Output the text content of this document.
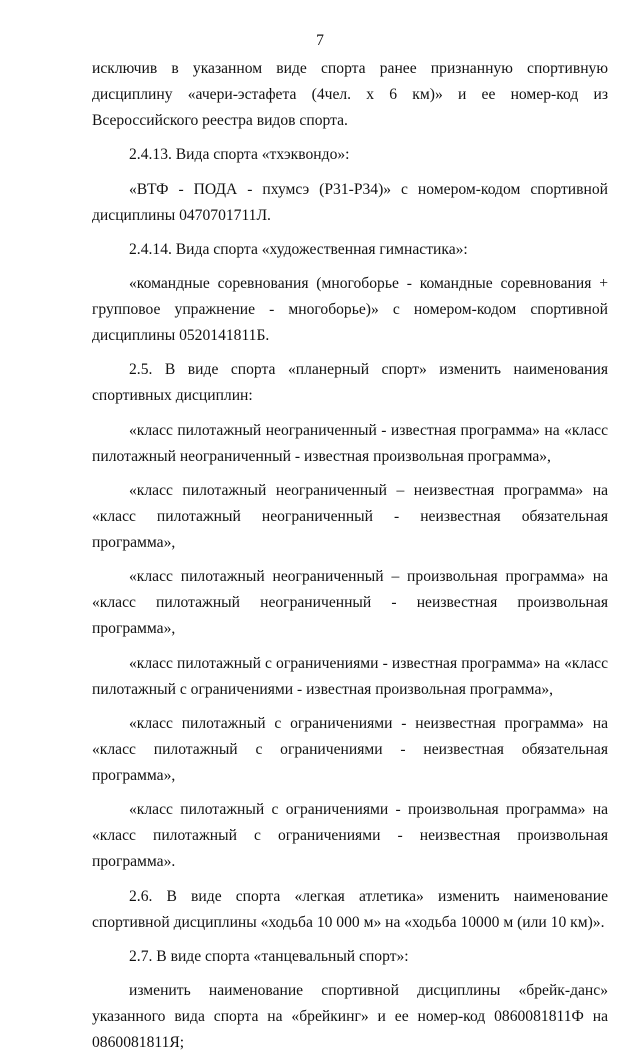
7

исключив в указанном виде спорта ранее признанную спортивную дисциплину «ачери-эстафета (4чел. х 6 км)» и ее номер-код из Всероссийского реестра видов спорта.

2.4.13. Вида спорта «тхэквондо»:

«ВТФ - ПОДА - пхумсэ (Р31-Р34)» с номером-кодом спортивной дисциплины 0470701711Л.

2.4.14. Вида спорта «художественная гимнастика»:

«командные соревнования (многоборье - командные соревнования + групповое упражнение - многоборье)» с номером-кодом спортивной дисциплины 0520141811Б.

2.5. В виде спорта «планерный спорт» изменить наименования спортивных дисциплин:

«класс пилотажный неограниченный - известная программа» на «класс пилотажный неограниченный - известная произвольная программа»,

«класс пилотажный неограниченный – неизвестная программа» на «класс пилотажный неограниченный - неизвестная обязательная программа»,

«класс пилотажный неограниченный – произвольная программа» на «класс пилотажный неограниченный - неизвестная произвольная программа»,

«класс пилотажный с ограничениями - известная программа» на «класс пилотажный с ограничениями - известная произвольная программа»,

«класс пилотажный с ограничениями - неизвестная программа» на «класс пилотажный с ограничениями - неизвестная обязательная программа»,

«класс пилотажный с ограничениями - произвольная программа» на «класс пилотажный с ограничениями - неизвестная произвольная программа».

2.6. В виде спорта «легкая атлетика» изменить наименование спортивной дисциплины «ходьба 10 000 м» на «ходьба 10000 м (или 10 км)».

2.7. В виде спорта «танцевальный спорт»:

изменить наименование спортивной дисциплины «брейк-данс» указанного вида спорта на «брейкинг» и ее номер-код 0860081811Ф на 0860081811Я;
